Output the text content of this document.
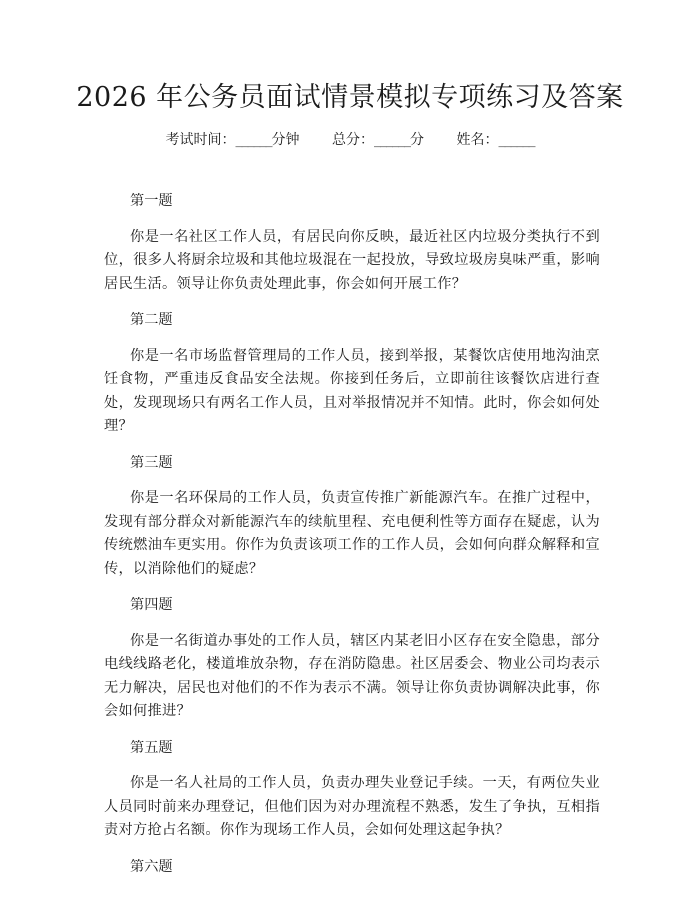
2026 年公务员面试情景模拟专项练习及答案
考试时间：______分钟 总分：______分 姓名：______
第一题
你是一名社区工作人员，有居民向你反映，最近社区内垃圾分类执行不到位，很多人将厨余垃圾和其他垃圾混在一起投放，导致垃圾房臭味严重，影响居民生活。领导让你负责处理此事，你会如何开展工作？
第二题
你是一名市场监督管理局的工作人员，接到举报，某餐饮店使用地沟油烹饪食物，严重违反食品安全法规。你接到任务后，立即前往该餐饮店进行查处，发现现场只有两名工作人员，且对举报情况并不知情。此时，你会如何处理？
第三题
你是一名环保局的工作人员，负责宣传推广新能源汽车。在推广过程中，发现有部分群众对新能源汽车的续航里程、充电便利性等方面存在疑虑，认为传统燃油车更实用。你作为负责该项工作的工作人员，会如何向群众解释和宣传，以消除他们的疑虑？
第四题
你是一名街道办事处的工作人员，辖区内某老旧小区存在安全隐患，部分电线线路老化，楼道堆放杂物，存在消防隐患。社区居委会、物业公司均表示无力解决，居民也对他们的不作为表示不满。领导让你负责协调解决此事，你会如何推进？
第五题
你是一名人社局的工作人员，负责办理失业登记手续。一天，有两位失业人员同时前来办理登记，但他们因为对办理流程不熟悉，发生了争执，互相指责对方抢占名额。你作为现场工作人员，会如何处理这起争执？
第六题
